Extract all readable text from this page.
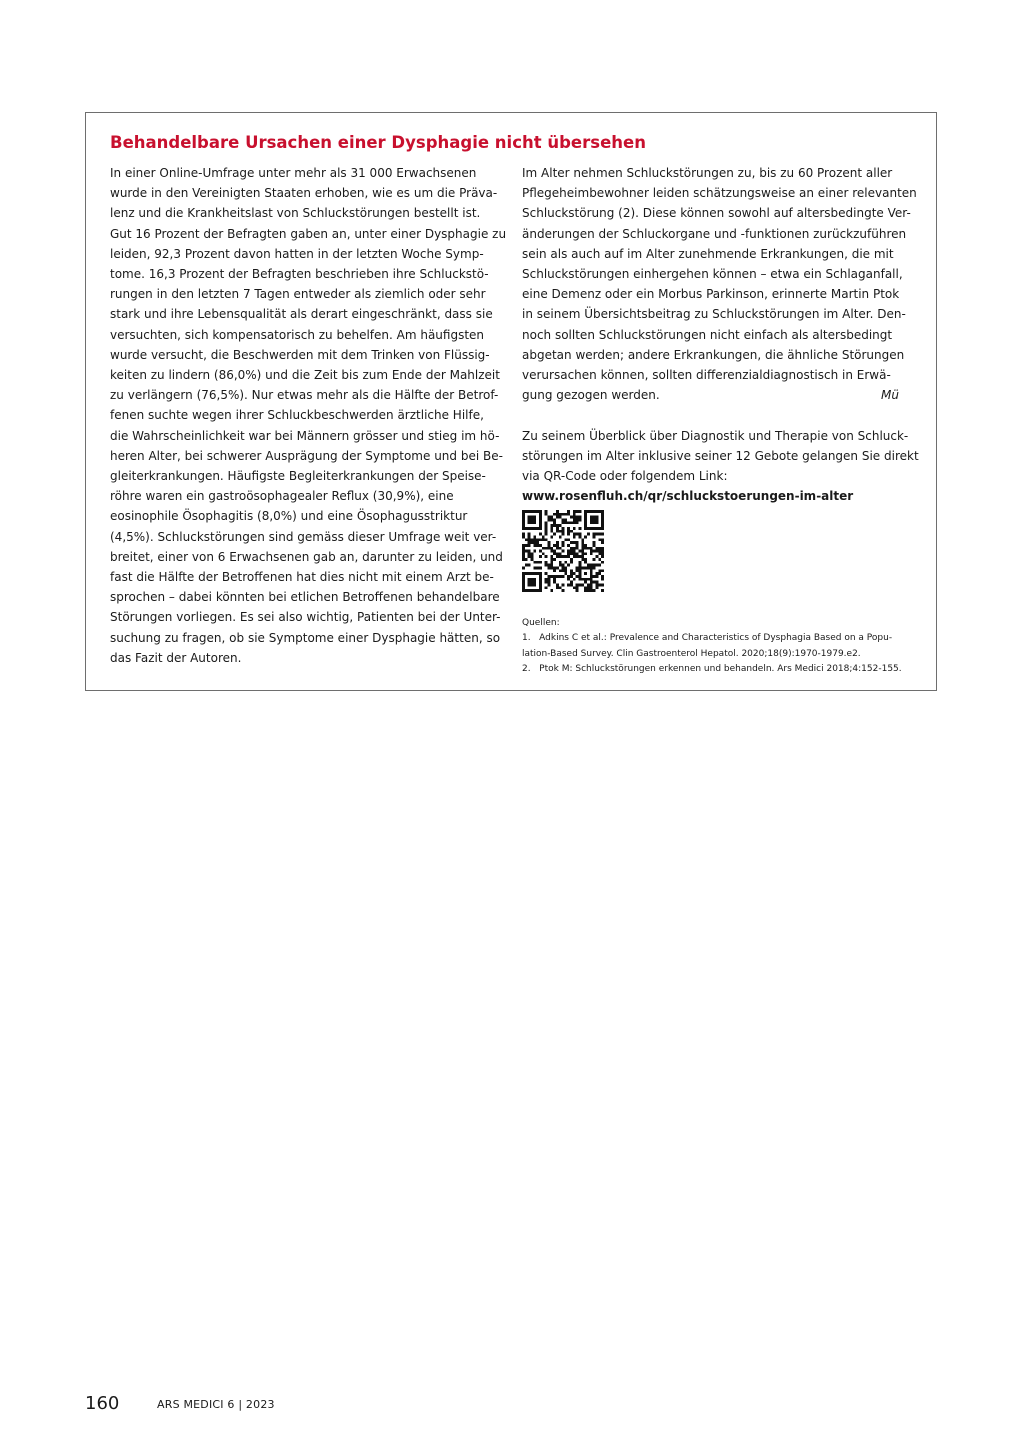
Behandelbare Ursachen einer Dysphagie nicht übersehen
In einer Online-Umfrage unter mehr als 31 000 Erwachsenen
wurde in den Vereinigten Staaten erhoben, wie es um die Präva-
lenz und die Krankheitslast von Schluckstörungen bestellt ist.
Gut 16 Prozent der Befragten gaben an, unter einer Dysphagie zu
leiden, 92,3 Prozent davon hatten in der letzten Woche Symp-
tome. 16,3 Prozent der Befragten beschrieben ihre Schluckstö-
rungen in den letzten 7 Tagen entweder als ziemlich oder sehr
stark und ihre Lebensqualität als derart eingeschränkt, dass sie
versuchten, sich kompensatorisch zu behelfen. Am häufigsten
wurde versucht, die Beschwerden mit dem Trinken von Flüssig-
keiten zu lindern (86,0%) und die Zeit bis zum Ende der Mahlzeit
zu verlängern (76,5%). Nur etwas mehr als die Hälfte der Betrof-
fenen suchte wegen ihrer Schluckbeschwerden ärztliche Hilfe,
die Wahrscheinlichkeit war bei Männern grösser und stieg im hö-
heren Alter, bei schwerer Ausprägung der Symptome und bei Be-
gleiterkrankungen. Häufigste Begleiterkrankungen der Speise-
röhre waren ein gastroösophagealer Reflux (30,9%), eine
eosinophile Ösophagitis (8,0%) und eine Ösophagusstriktur
(4,5%). Schluckstörungen sind gemäss dieser Umfrage weit ver-
breitet, einer von 6 Erwachsenen gab an, darunter zu leiden, und
fast die Hälfte der Betroffenen hat dies nicht mit einem Arzt be-
sprochen – dabei könnten bei etlichen Betroffenen behandelbare
Störungen vorliegen. Es sei also wichtig, Patienten bei der Unter-
suchung zu fragen, ob sie Symptome einer Dysphagie hätten, so
das Fazit der Autoren.
Im Alter nehmen Schluckstörungen zu, bis zu 60 Prozent aller
Pflegeheimbewohner leiden schätzungsweise an einer relevanten
Schluckstörung (2). Diese können sowohl auf altersbedingte Ver-
änderungen der Schluckorgane und -funktionen zurückzuführen
sein als auch auf im Alter zunehmende Erkrankungen, die mit
Schluckstörungen einhergehen können – etwa ein Schlaganfall,
eine Demenz oder ein Morbus Parkinson, erinnerte Martin Ptok
in seinem Übersichtsbeitrag zu Schluckstörungen im Alter. Den-
noch sollten Schluckstörungen nicht einfach als altersbedingt
abgetan werden; andere Erkrankungen, die ähnliche Störungen
verursachen können, sollten differenzialdiagnostisch in Erwä-
gung gezogen werden.	Mü
Zu seinem Überblick über Diagnostik und Therapie von Schluck-
störungen im Alter inklusive seiner 12 Gebote gelangen Sie direkt
via QR-Code oder folgendem Link:
www.rosenfluh.ch/qr/schluckstoerungen-im-alter
Quellen:
1.   Adkins C et al.: Prevalence and Characteristics of Dysphagia Based on a Popu-
lation-Based Survey. Clin Gastroenterol Hepatol. 2020;18(9):1970-1979.e2.
2.   Ptok M: Schluckstörungen erkennen und behandeln. Ars Medici 2018;4:152-155.
160	ARS MEDICI 6 | 2023
